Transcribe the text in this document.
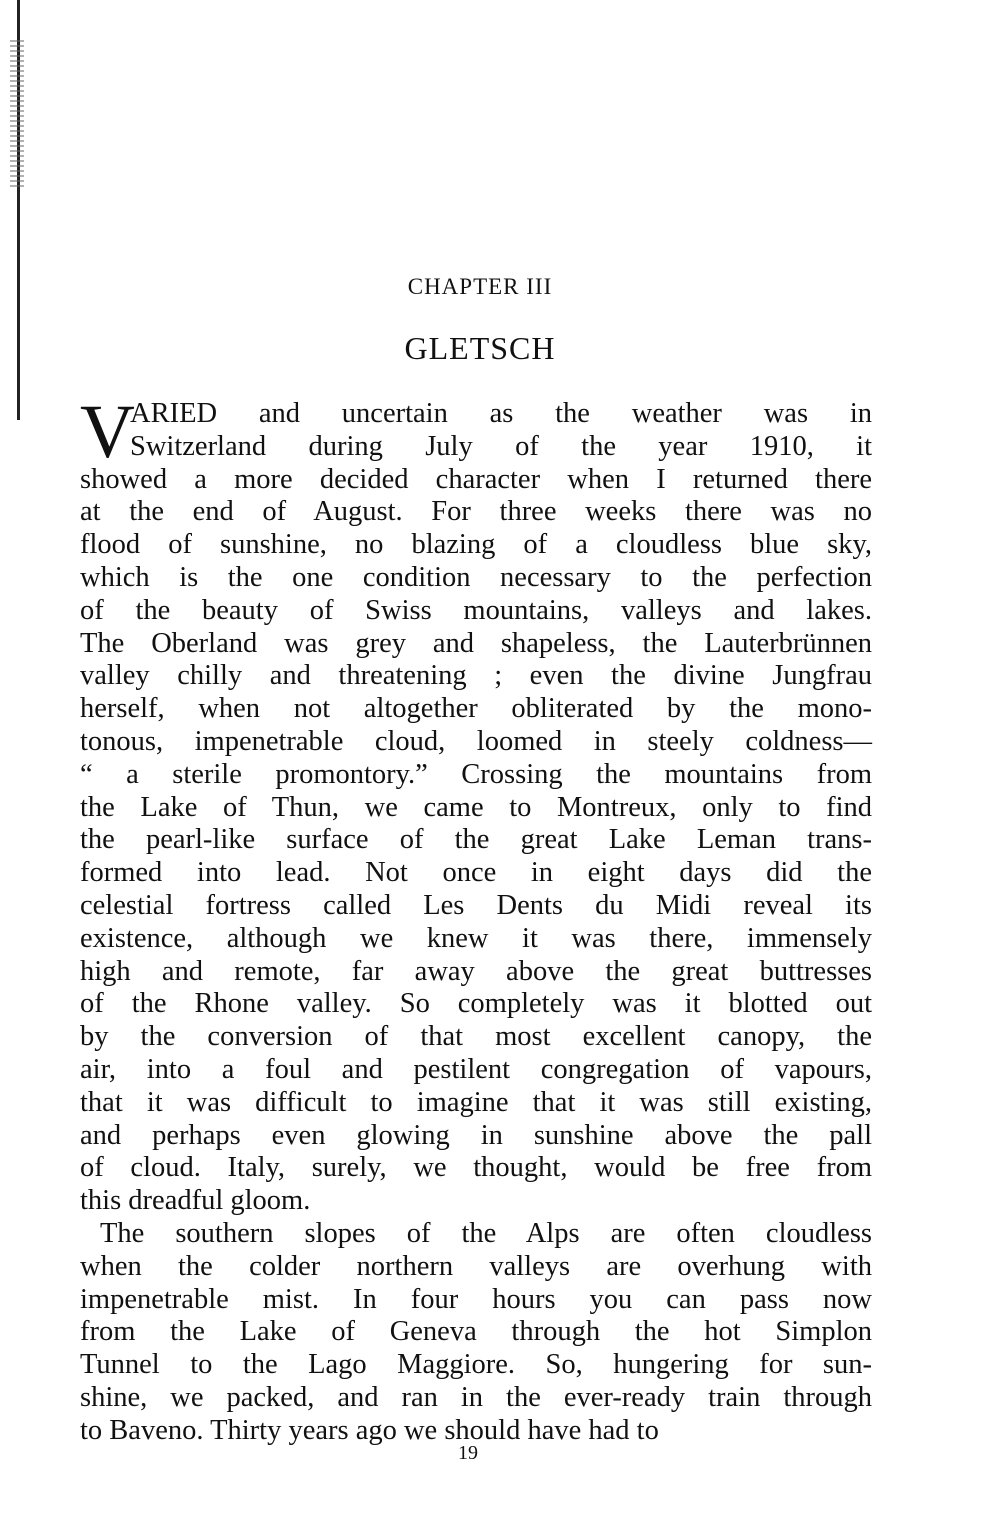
CHAPTER III
GLETSCH
V
ARIED and uncertain as the weather was in
Switzerland during July of the year 1910, it
showed a more decided character when I returned there
at the end of August. For three weeks there was no
flood of sunshine, no blazing of a cloudless blue sky,
which is the one condition necessary to the perfection
of the beauty of Swiss mountains, valleys and lakes.
The Oberland was grey and shapeless, the Lauterbrünnen
valley chilly and threatening ; even the divine Jungfrau
herself, when not altogether obliterated by the mono-
tonous, impenetrable cloud, loomed in steely coldness—
“ a sterile promontory.” Crossing the mountains from
the Lake of Thun, we came to Montreux, only to find
the pearl-like surface of the great Lake Leman trans-
formed into lead. Not once in eight days did the
celestial fortress called Les Dents du Midi reveal its
existence, although we knew it was there, immensely
high and remote, far away above the great buttresses
of the Rhone valley. So completely was it blotted out
by the conversion of that most excellent canopy, the
air, into a foul and pestilent congregation of vapours,
that it was difficult to imagine that it was still existing,
and perhaps even glowing in sunshine above the pall
of cloud. Italy, surely, we thought, would be free from
this dreadful gloom.
The southern slopes of the Alps are often cloudless
when the colder northern valleys are overhung with
impenetrable mist. In four hours you can pass now
from the Lake of Geneva through the hot Simplon
Tunnel to the Lago Maggiore. So, hungering for sun-
shine, we packed, and ran in the ever-ready train through
to Baveno. Thirty years ago we should have had to
19
